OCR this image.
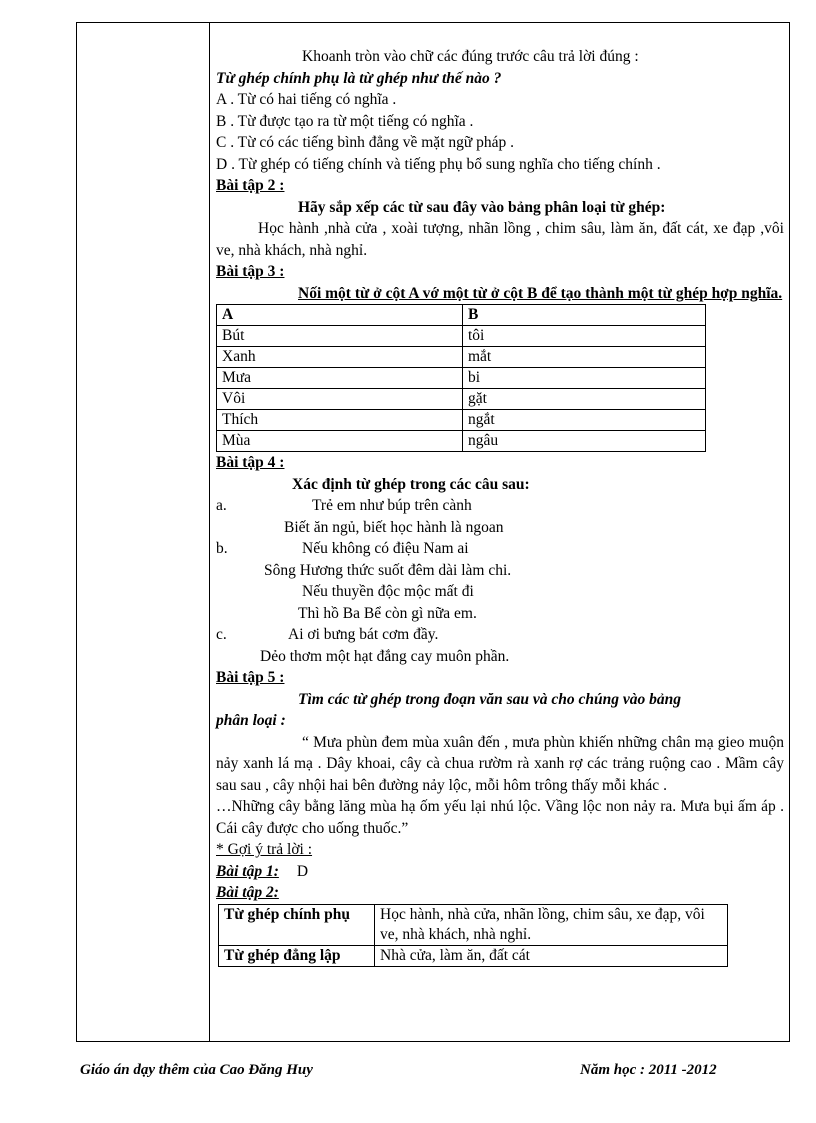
Khoanh tròn vào chữ các đúng trước câu trả lời đúng :

Từ ghép chính phụ là từ ghép như thế nào ?

A . Từ có hai tiếng có nghĩa .

B . Từ được tạo ra từ một tiếng có nghĩa .

C . Từ có các tiếng bình đẳng về mặt ngữ pháp .

D . Từ ghép có tiếng chính và tiếng phụ bổ sung nghĩa cho tiếng chính .

Bài tập 2 :

Hãy sắp xếp các từ sau đây vào bảng phân loại từ ghép:

Học hành ,nhà cửa , xoài tượng, nhãn lồng , chim sâu, làm ăn, đất cát, xe đạp ,vôi ve, nhà khách, nhà nghỉ.

Bài tập 3 :

Nối một từ ở cột A vớ một từ ở cột B để tạo thành một từ ghép hợp nghĩa.

A	B
Bút	tôi
Xanh	mắt
Mưa	bi
Vôi	gặt
Thích	ngắt
Mùa	ngâu

Bài tập 4 :

Xác định từ ghép trong các câu sau:

a.	Trẻ em như búp trên cành

Biết ăn ngủ, biết học hành là ngoan

b.	Nếu không có điệu Nam ai

Sông Hương thức suốt đêm dài làm chi.

Nếu thuyền độc mộc mất đi

Thì hồ Ba Bể còn gì nữa em.

c.	Ai ơi bưng bát cơm đầy.

Dẻo thơm một hạt đắng cay muôn phần.

Bài tập 5 :

Tìm các từ ghép trong đoạn văn sau và cho chúng vào bảng

phân loại :

“ Mưa phùn đem mùa xuân đến , mưa phùn khiến những chân mạ gieo muộn nảy xanh lá mạ . Dây khoai, cây cà chua rườm rà xanh rợ các trảng ruộng cao . Mầm cây sau sau , cây nhội hai bên đường nảy lộc, mỗi hôm trông thấy mỗi khác .

…Những cây bằng lăng mùa hạ ốm yếu lại nhú lộc. Vầng lộc non nảy ra. Mưa bụi ấm áp . Cái cây được cho uống thuốc.”

* Gợi ý trả lời :

Bài tập 1: D

Bài tập 2:

Từ ghép chính phụ	Học hành, nhà cửa, nhãn lồng, chim sâu, xe đạp, vôi ve, nhà khách, nhà nghỉ.
Từ ghép đẳng lập	Nhà cửa, làm ăn, đất cát
Giáo án dạy thêm của Cao Đăng Huy	Năm học : 2011 -2012
